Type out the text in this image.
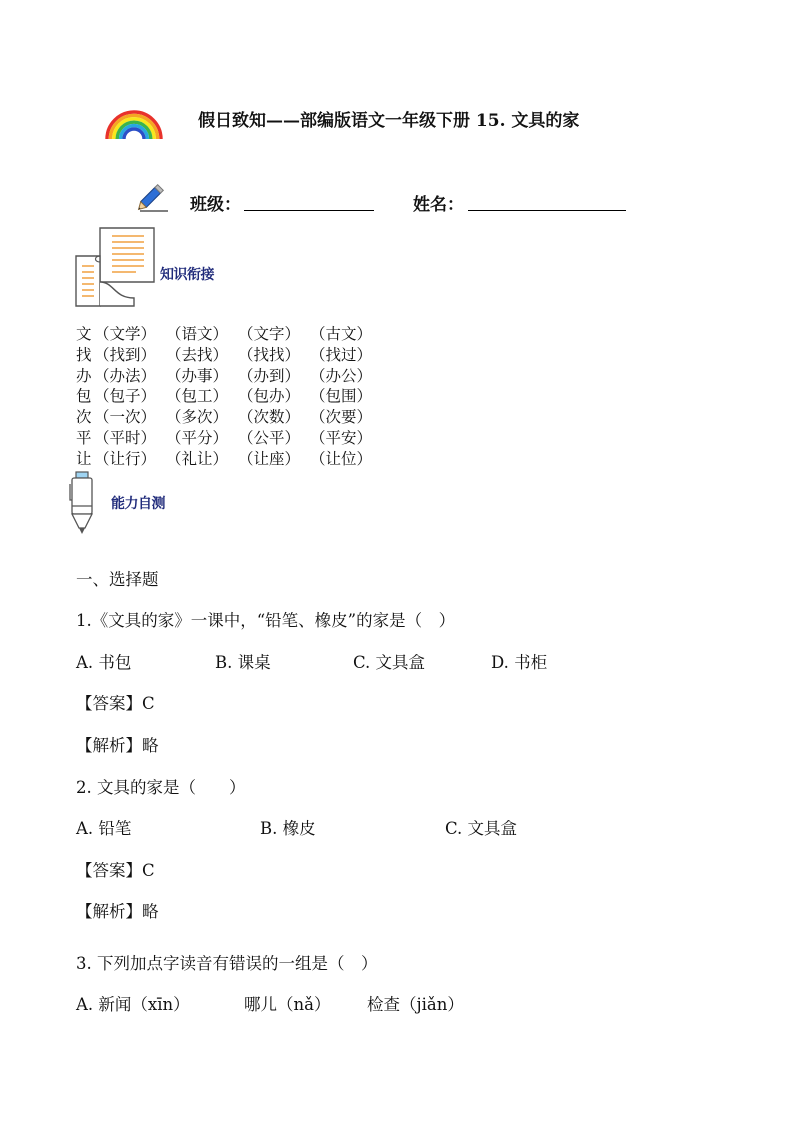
假日致知——部编版语文一年级下册 15. 文具的家
班级：	姓名：
知识衔接
文 （文学） （语文） （文字） （古文）
找 （找到） （去找） （找找） （找过）
办 （办法） （办事） （办到） （办公）
包 （包子） （包工） （包办） （包围）
次 （一次） （多次） （次数） （次要）
平 （平时） （平分） （公平） （平安）
让 （让行） （礼让） （让座） （让位）
能力自测
一、选择题
1.《文具的家》一课中，“铅笔、橡皮”的家是（　）
A. 书包	B. 课桌	C. 文具盒	D. 书柜
【答案】C
【解析】略
2. 文具的家是（　　）
A. 铅笔	B. 橡皮	C. 文具盒
【答案】C
【解析】略
3. 下列加点字读音有错误的一组是（　）
A. 新闻（xīn）	哪儿（nǎ） 检查（jiǎn）
